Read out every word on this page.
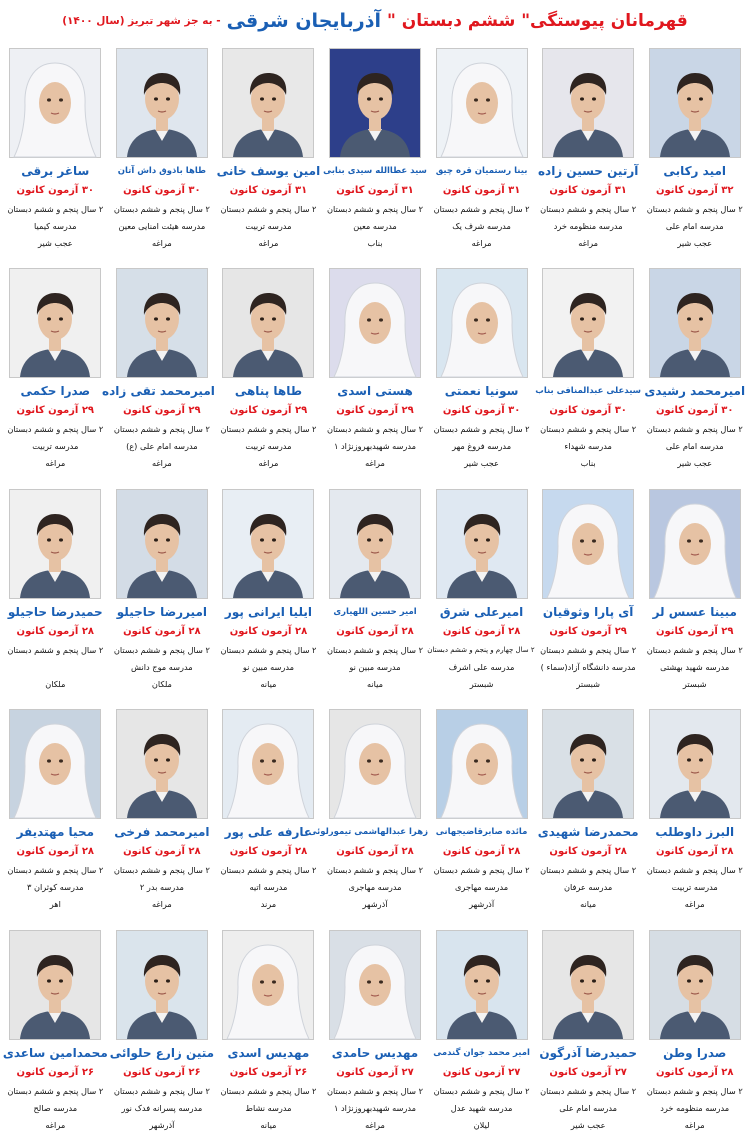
قهرمانان پیوستگی" ششم دبستان "
آذربایجان شرقی
- به جز شهر تبریز (سال ۱۴۰۰)
امید رکابی
۳۲ آزمون کانون
۲ سال پنجم و ششم دبستان
مدرسه امام علی
عجب شیر
آرتین حسین زاده
۳۱ آزمون کانون
۲ سال پنجم و ششم دبستان
مدرسه منظومه خرد
مراغه
بینا رستمیان قره چیق
۳۱ آزمون کانون
۲ سال پنجم و ششم دبستان
مدرسه شرف یک
مراغه
سید عطاالله سیدی بنابی
۳۱ آزمون کانون
۲ سال پنجم و ششم دبستان
مدرسه معین
بناب
امین یوسف خانی
۳۱ آزمون کانون
۲ سال پنجم و ششم دبستان
مدرسه تربیت
مراغه
طاها باذوق داش آتان
۳۰ آزمون کانون
۲ سال پنجم و ششم دبستان
مدرسه هیئت امنایی معین
مراغه
ساغر برقی
۳۰ آزمون کانون
۲ سال پنجم و ششم دبستان
مدرسه کیمیا
عجب شیر
امیرمحمد رشیدی
۳۰ آزمون کانون
۲ سال پنجم و ششم دبستان
مدرسه امام علی
عجب شیر
سیدعلی عبدالمنافی بناب
۳۰ آزمون کانون
۲ سال پنجم و ششم دبستان
مدرسه شهداء
بناب
سونیا نعمتی
۳۰ آزمون کانون
۲ سال پنجم و ششم دبستان
مدرسه فروغ مهر
عجب شیر
هستی اسدی
۲۹ آزمون کانون
۲ سال پنجم و ششم دبستان
مدرسه شهیدبهروزنژاد ۱
مراغه
طاها پناهی
۲۹ آزمون کانون
۲ سال پنجم و ششم دبستان
مدرسه تربیت
مراغه
امیرمحمد تقی زاده
۲۹ آزمون کانون
۲ سال پنجم و ششم دبستان
مدرسه امام علی (ع)
مراغه
صدرا حکمی
۲۹ آزمون کانون
۲ سال پنجم و ششم دبستان
مدرسه تربیت
مراغه
مبینا عسس لر
۲۹ آزمون کانون
۲ سال پنجم و ششم دبستان
مدرسه شهید بهشتی
شبستر
آی پارا وثوقیان
۲۹ آزمون کانون
۲ سال پنجم و ششم دبستان
مدرسه دانشگاه آزاد(سماء )
شبستر
امیرعلی شرق
۲۸ آزمون کانون
۲ سال چهارم و پنجم و ششم دبستان
مدرسه علی اشرف
شبستر
امیر حسین اللهیاری
۲۸ آزمون کانون
۲ سال پنجم و ششم دبستان
مدرسه مبین نو
میانه
ایلیا ایرانی پور
۲۸ آزمون کانون
۲ سال پنجم و ششم دبستان
مدرسه مبین نو
میانه
امیررضا حاجیلو
۲۸ آزمون کانون
۲ سال پنجم و ششم دبستان
مدرسه موج دانش
ملکان
حمیدرضا حاجیلو
۲۸ آزمون کانون
۲ سال پنجم و ششم دبستان
ملکان
البرز داوطلب
۲۸ آزمون کانون
۲ سال پنجم و ششم دبستان
مدرسه تربیت
مراغه
محمدرضا شهیدی
۲۸ آزمون کانون
۲ سال پنجم و ششم دبستان
مدرسه عرفان
میانه
مائده صابرقاضیجهانی
۲۸ آزمون کانون
۲ سال پنجم و ششم دبستان
مدرسه مهاجری
آذرشهر
زهرا عبدالهاشمی تیمورلوئی
۲۸ آزمون کانون
۲ سال پنجم و ششم دبستان
مدرسه مهاجری
آذرشهر
عارفه علی پور
۲۸ آزمون کانون
۲ سال پنجم و ششم دبستان
مدرسه اتیه
مرند
امیرمحمد فرخی
۲۸ آزمون کانون
۲ سال پنجم و ششم دبستان
مدرسه بدر ۲
مراغه
محیا مهتدیفر
۲۸ آزمون کانون
۲ سال پنجم و ششم دبستان
مدرسه کوثران ۳
اهر
صدرا وطن
۲۸ آزمون کانون
۲ سال پنجم و ششم دبستان
مدرسه منظومه خرد
مراغه
حمیدرضا آذرگون
۲۷ آزمون کانون
۲ سال پنجم و ششم دبستان
مدرسه امام علی
عجب شیر
امیر محمد جوان گندمی
۲۷ آزمون کانون
۲ سال پنجم و ششم دبستان
مدرسه شهید عدل
لیلان
مهدیس حامدی
۲۷ آزمون کانون
۲ سال پنجم و ششم دبستان
مدرسه شهیدبهروزنژاد ۱
مراغه
مهدیس اسدی
۲۶ آزمون کانون
۲ سال پنجم و ششم دبستان
مدرسه نشاط
میانه
متین زارع حلوائی
۲۶ آزمون کانون
۲ سال پنجم و ششم دبستان
مدرسه پسرانه فدک نور
آذرشهر
محمدامین ساعدی
۲۶ آزمون کانون
۲ سال پنجم و ششم دبستان
مدرسه صالح
مراغه
